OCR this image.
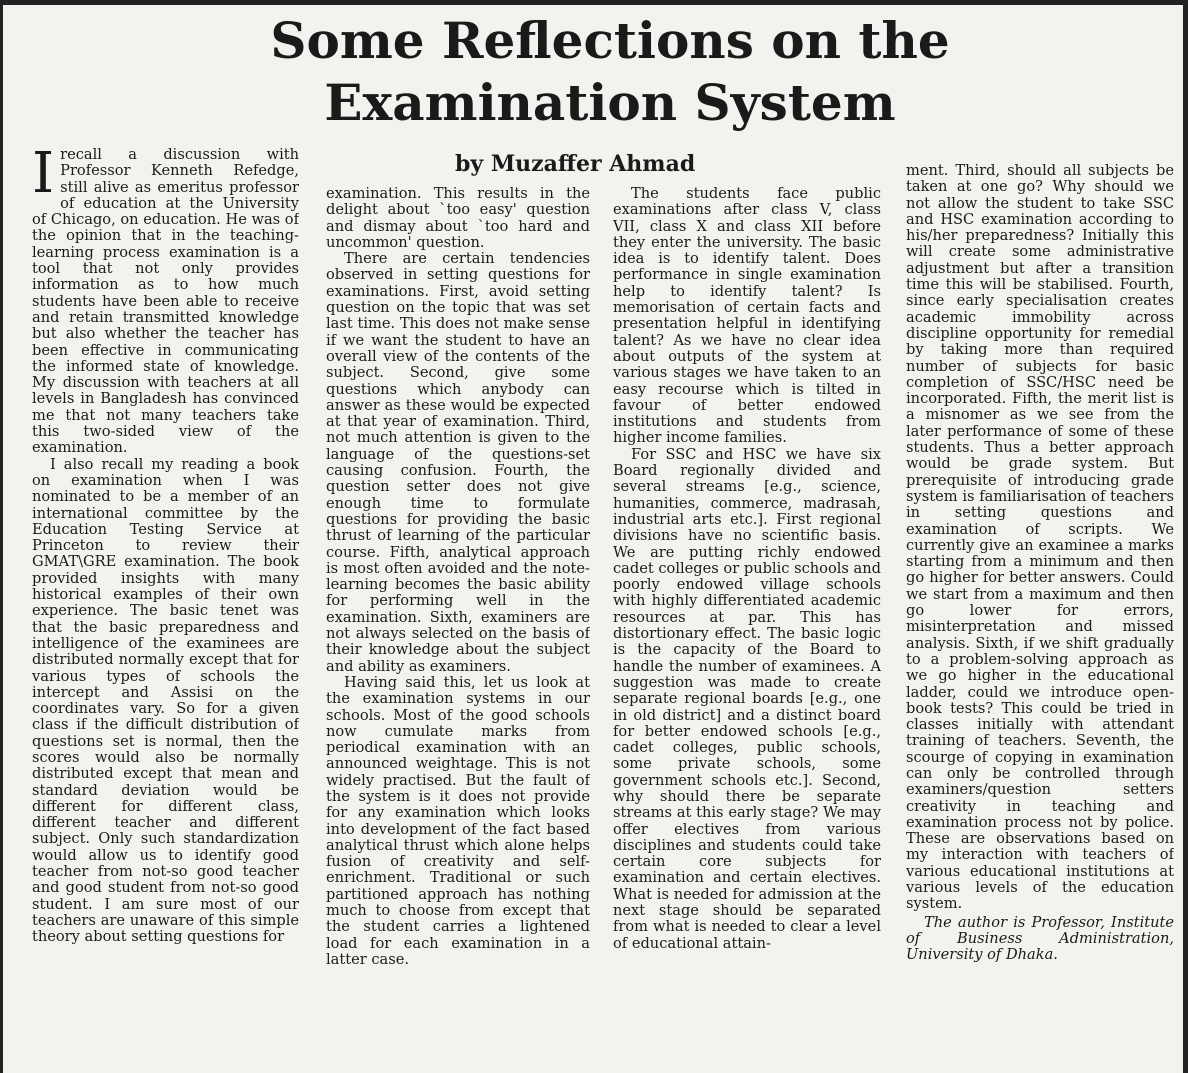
Some Reflections on the Examination System
by Muzaffer Ahmad

Irecall a discussion with Professor Kenneth Refedge, still alive as emeritus professor of education at the University of Chicago, on education. He was of the opinion that in the teaching-learning process examination is a tool that not only provides information as to how much students have been able to receive and retain transmitted knowledge but also whether the teacher has been effective in communicating the informed state of knowledge. My discussion with teachers at all levels in Bangladesh has convinced me that not many teachers take this two-sided view of the examination.

I also recall my reading a book on examination when I was nominated to be a member of an international committee by the Education Testing Service at Princeton to review their GMAT\GRE examination. The book provided insights with many historical examples of their own experience. The basic tenet was that the basic preparedness and intelligence of the examinees are distributed normally except that for various types of schools the intercept and Assisi on the coordinates vary. So for a given class if the difficult distribution of questions set is normal, then the scores would also be normally distributed except that mean and standard deviation would be different for different class, different teacher and different subject. Only such standardization would allow us to identify good teacher from not-so good teacher and good student from not-so good student. I am sure most of our teachers are unaware of this simple theory about setting questions for

examination. This results in the delight about `too easy' question and dismay about `too hard and uncommon' question.

There are certain tendencies observed in setting questions for examinations. First, avoid setting question on the topic that was set last time. This does not make sense if we want the student to have an overall view of the contents of the subject. Second, give some questions which anybody can answer as these would be expected at that year of examination. Third, not much attention is given to the language of the questions-set causing confusion. Fourth, the question setter does not give enough time to formulate questions for providing the basic thrust of learning of the particular course. Fifth, analytical approach is most often avoided and the note-learning becomes the basic ability for performing well in the examination. Sixth, examiners are not always selected on the basis of their knowledge about the subject and ability as examiners.

Having said this, let us look at the examination systems in our schools. Most of the good schools now cumulate marks from periodical examination with an announced weightage. This is not widely practised. But the fault of the system is it does not provide for any examination which looks into development of the fact based analytical thrust which alone helps fusion of creativity and self-enrichment. Traditional or such partitioned approach has nothing much to choose from except that the student carries a lightened load for each examination in a latter case.

The students face public examinations after class V, class VII, class X and class XII before they enter the university. The basic idea is to identify talent. Does performance in single examination help to identify talent? Is memorisation of certain facts and presentation helpful in identifying talent? As we have no clear idea about outputs of the system at various stages we have taken to an easy recourse which is tilted in favour of better endowed institutions and students from higher income families.

For SSC and HSC we have six Board regionally divided and several streams [e.g., science, humanities, commerce, madrasah, industrial arts etc.]. First regional divisions have no scientific basis. We are putting richly endowed cadet colleges or public schools and poorly endowed village schools with highly differentiated academic resources at par. This has distortionary effect. The basic logic is the capacity of the Board to handle the number of examinees. A suggestion was made to create separate regional boards [e.g., one in old district] and a distinct board for better endowed schools [e.g., cadet colleges, public schools, some private schools, some government schools etc.]. Second, why should there be separate streams at this early stage? We may offer electives from various disciplines and students could take certain core subjects for examination and certain electives. What is needed for admission at the next stage should be separated from what is needed to clear a level of educational attain-

ment. Third, should all subjects be taken at one go? Why should we not allow the student to take SSC and HSC examination according to his/her preparedness? Initially this will create some administrative adjustment but after a transition time this will be stabilised. Fourth, since early specialisation creates academic immobility across discipline opportunity for remedial by taking more than required number of subjects for basic completion of SSC/HSC need be incorporated. Fifth, the merit list is a misnomer as we see from the later performance of some of these students. Thus a better approach would be grade system. But prerequisite of introducing grade system is familiarisation of teachers in setting questions and examination of scripts. We currently give an examinee a marks starting from a minimum and then go higher for better answers. Could we start from a maximum and then go lower for errors, misinterpretation and missed analysis. Sixth, if we shift gradually to a problem-solving approach as we go higher in the educational ladder, could we introduce open-book tests? This could be tried in classes initially with attendant training of teachers. Seventh, the scourge of copying in examination can only be controlled through examiners/question setters creativity in teaching and examination process not by police. These are observations based on my interaction with teachers of various educational institutions at various levels of the education system.

The author is Professor, Institute of Business Administration, University of Dhaka.
